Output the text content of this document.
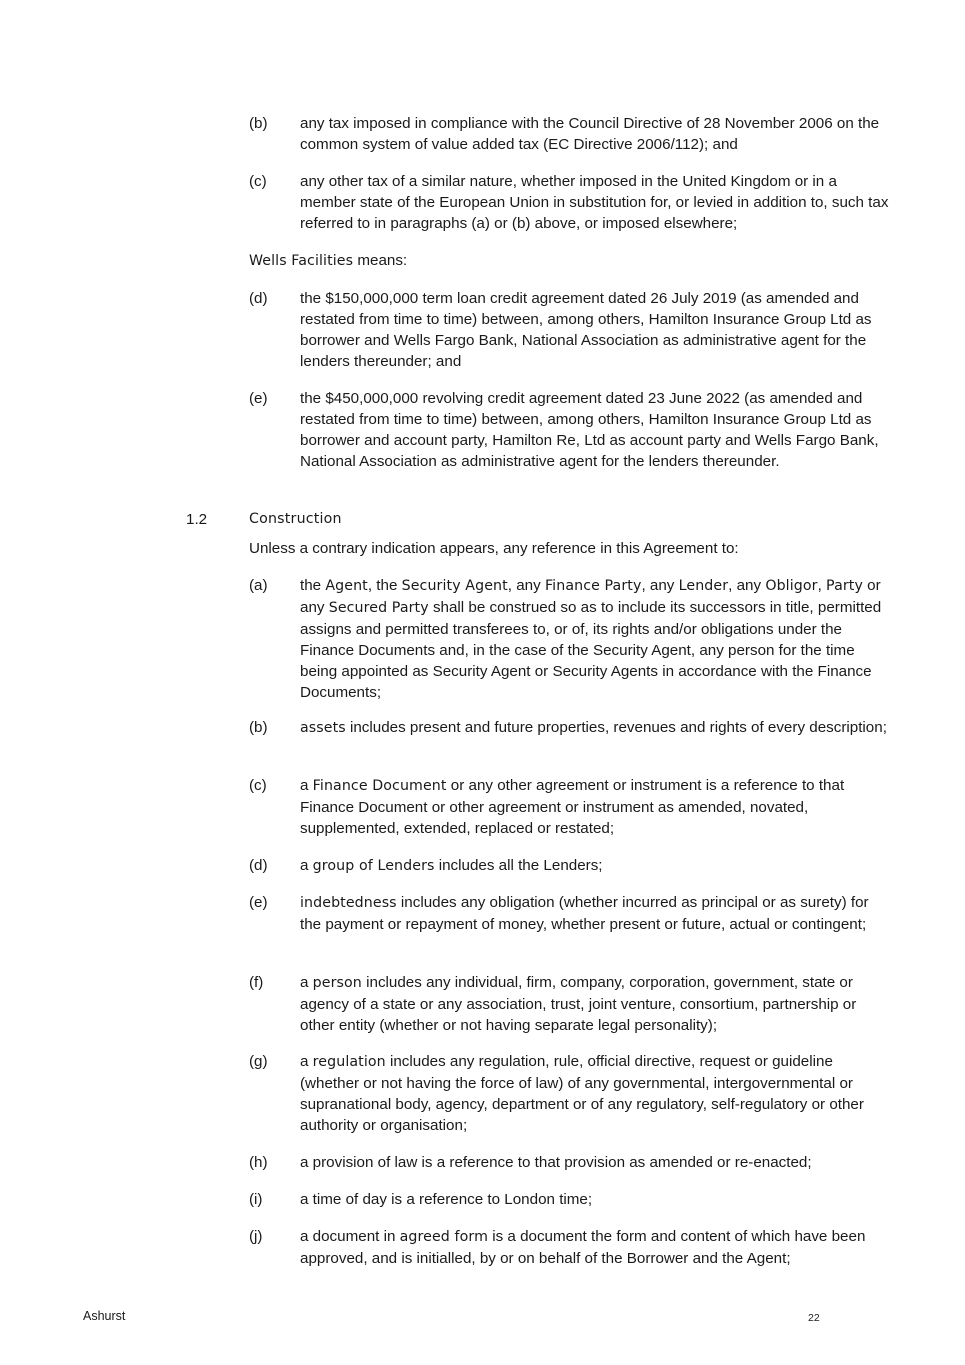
(b) any tax imposed in compliance with the Council Directive of 28 November 2006 on the common system of value added tax (EC Directive 2006/112); and
(c) any other tax of a similar nature, whether imposed in the United Kingdom or in a member state of the European Union in substitution for, or levied in addition to, such tax referred to in paragraphs (a) or (b) above, or imposed elsewhere;
Wells Facilities means:
(d) the $150,000,000 term loan credit agreement dated 26 July 2019 (as amended and restated from time to time) between, among others, Hamilton Insurance Group Ltd as borrower and Wells Fargo Bank, National Association as administrative agent for the lenders thereunder; and
(e) the $450,000,000 revolving credit agreement dated 23 June 2022 (as amended and restated from time to time) between, among others, Hamilton Insurance Group Ltd as borrower and account party, Hamilton Re, Ltd as account party and Wells Fargo Bank, National Association as administrative agent for the lenders thereunder.
1.2	Construction
Unless a contrary indication appears, any reference in this Agreement to:
(a) the Agent, the Security Agent, any Finance Party, any Lender, any Obligor, Party or any Secured Party shall be construed so as to include its successors in title, permitted assigns and permitted transferees to, or of, its rights and/or obligations under the Finance Documents and, in the case of the Security Agent, any person for the time being appointed as Security Agent or Security Agents in accordance with the Finance Documents;
(b) assets includes present and future properties, revenues and rights of every description;
(c) a Finance Document or any other agreement or instrument is a reference to that Finance Document or other agreement or instrument as amended, novated, supplemented, extended, replaced or restated;
(d) a group of Lenders includes all the Lenders;
(e) indebtedness includes any obligation (whether incurred as principal or as surety) for the payment or repayment of money, whether present or future, actual or contingent;
(f) a person includes any individual, firm, company, corporation, government, state or agency of a state or any association, trust, joint venture, consortium, partnership or other entity (whether or not having separate legal personality);
(g) a regulation includes any regulation, rule, official directive, request or guideline (whether or not having the force of law) of any governmental, intergovernmental or supranational body, agency, department or of any regulatory, self-regulatory or other authority or organisation;
(h) a provision of law is a reference to that provision as amended or re-enacted;
(i) a time of day is a reference to London time;
(j) a document in agreed form is a document the form and content of which have been approved, and is initialled, by or on behalf of the Borrower and the Agent;
Ashurst	22
